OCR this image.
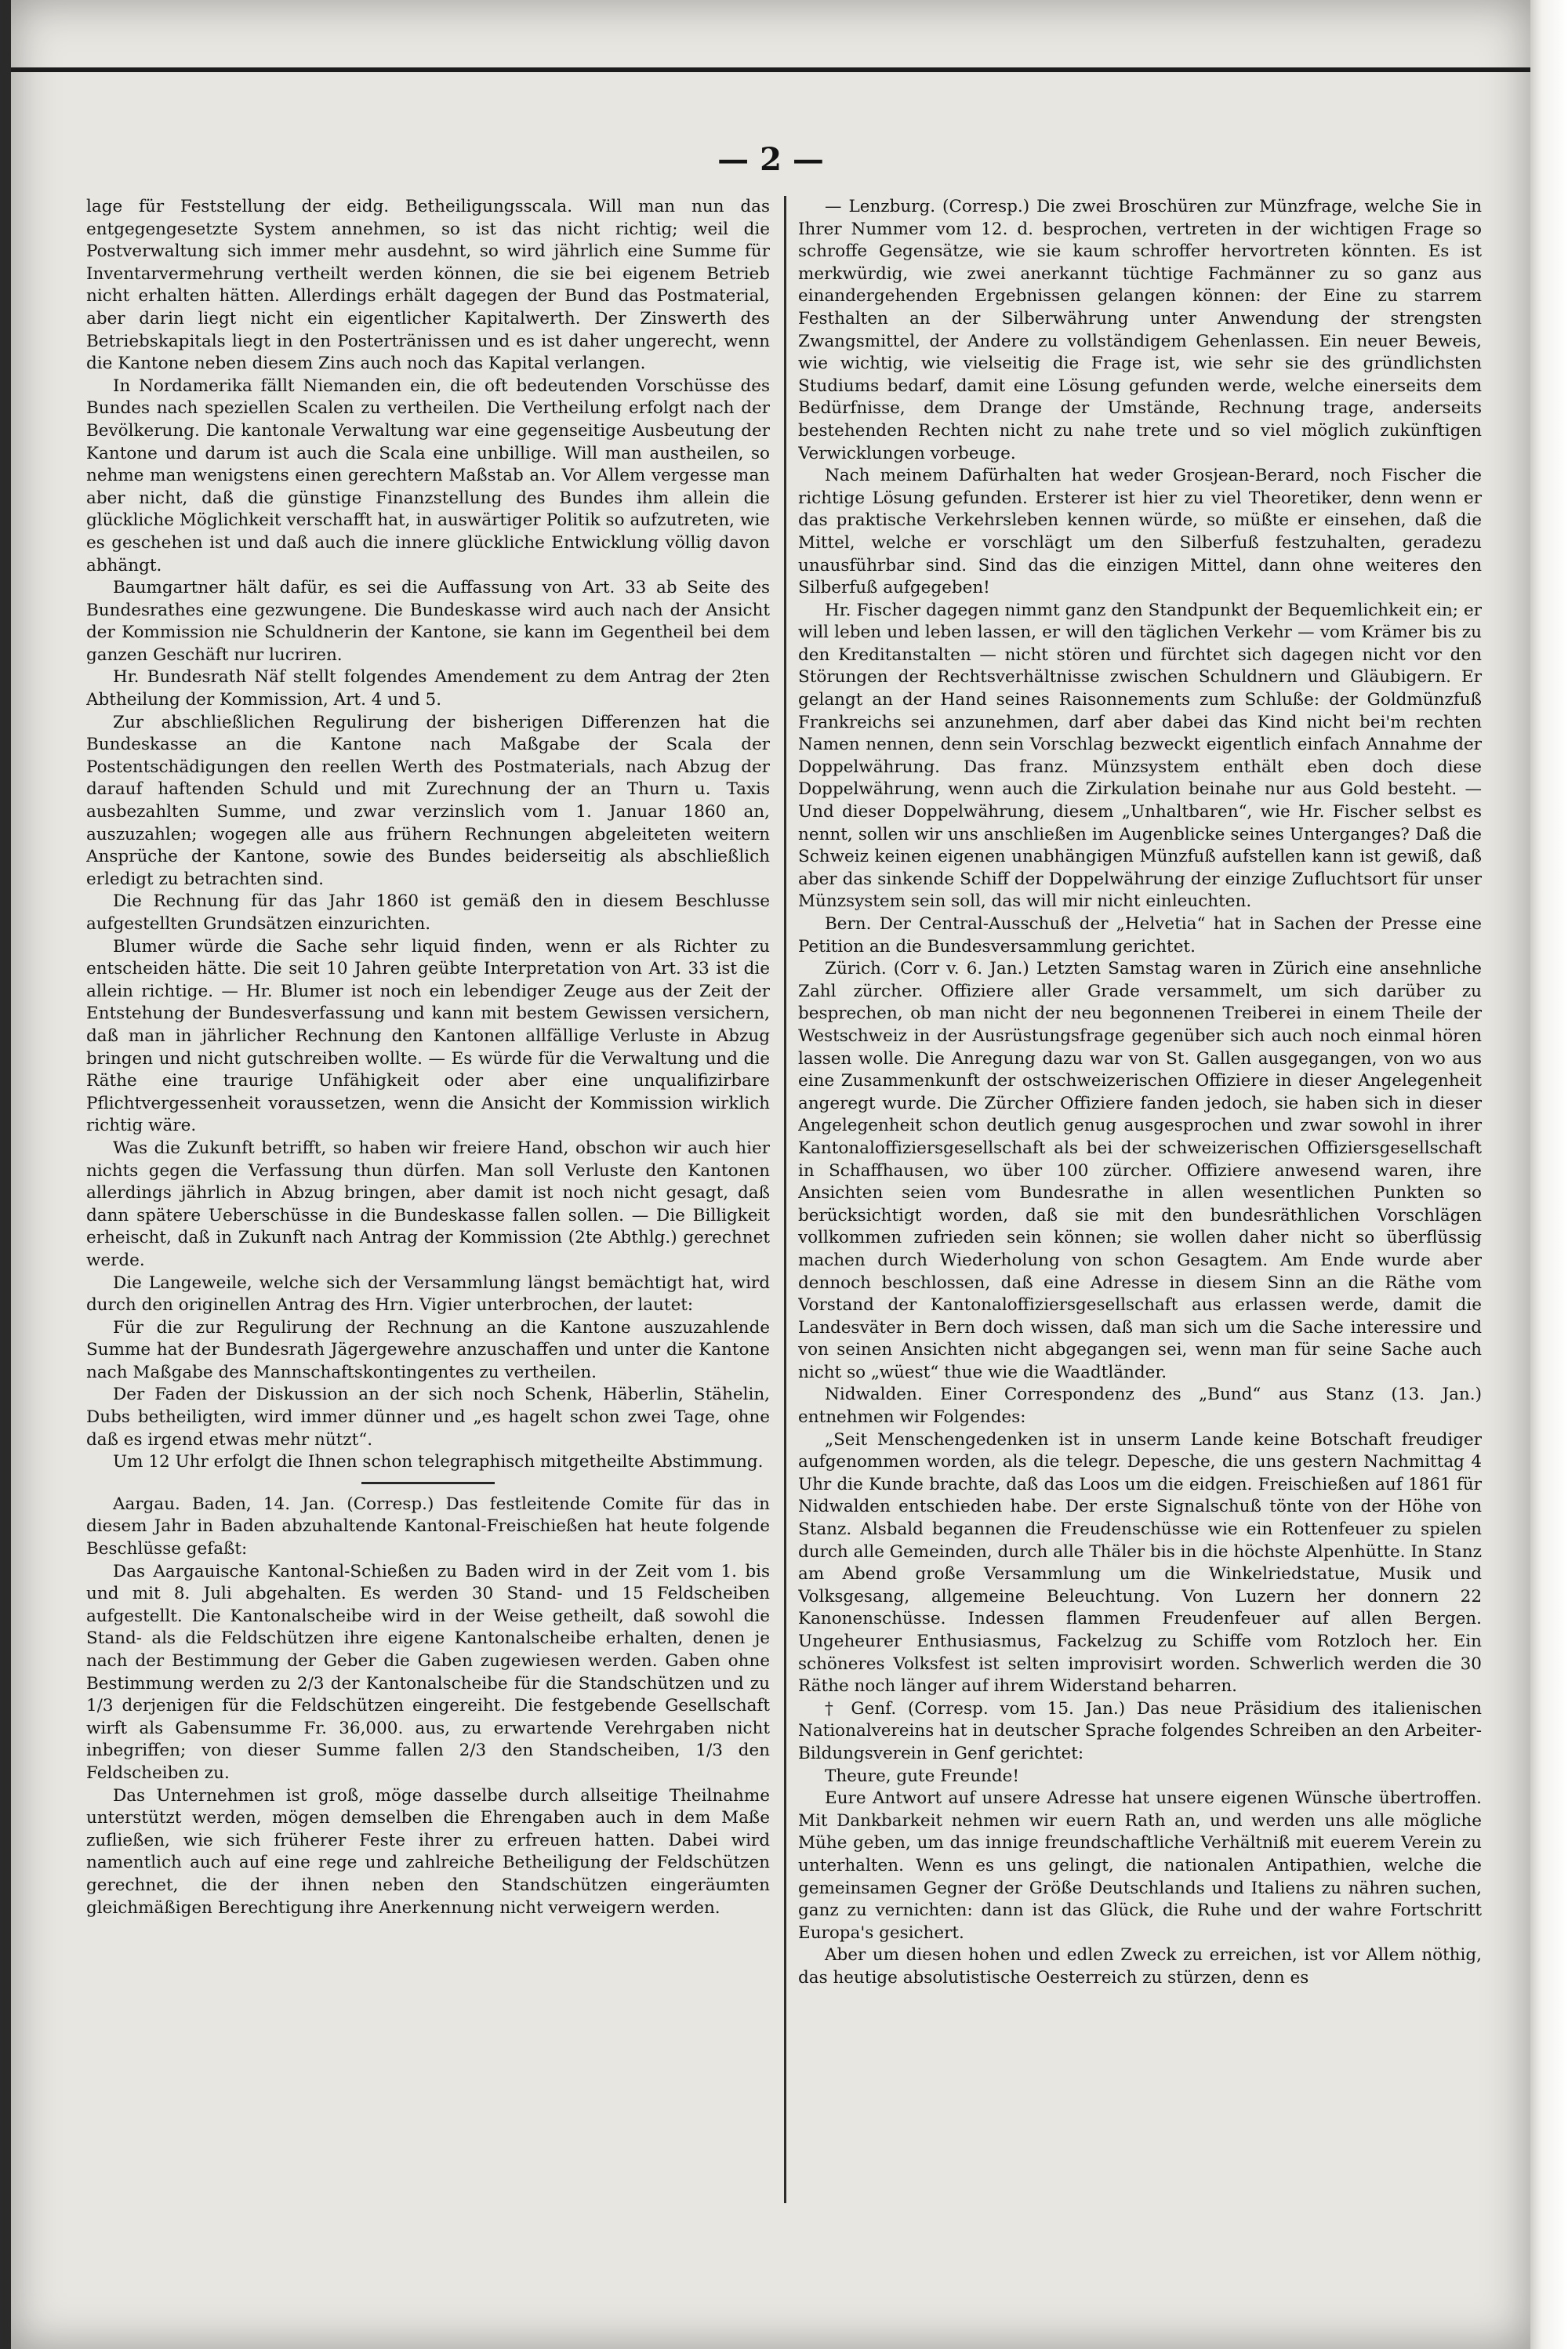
— 2 —

lage für Feststellung der eidg. Betheiligungsscala. Will man nun das entgegengesetzte System annehmen, so ist das nicht richtig; weil die Postverwaltung sich immer mehr ausdehnt, so wird jährlich eine Summe für Inventarvermehrung vertheilt werden können, die sie bei eigenem Betrieb nicht erhalten hätten. Allerdings erhält dagegen der Bund das Postmaterial, aber darin liegt nicht ein eigentlicher Kapitalwerth. Der Zinswerth des Betriebskapitals liegt in den Postertränissen und es ist daher ungerecht, wenn die Kantone neben diesem Zins auch noch das Kapital verlangen.

In Nordamerika fällt Niemanden ein, die oft bedeutenden Vorschüsse des Bundes nach speziellen Scalen zu vertheilen. Die Vertheilung erfolgt nach der Bevölkerung. Die kantonale Verwaltung war eine gegenseitige Ausbeutung der Kantone und darum ist auch die Scala eine unbillige. Will man austheilen, so nehme man wenigstens einen gerechtern Maßstab an. Vor Allem vergesse man aber nicht, daß die günstige Finanzstellung des Bundes ihm allein die glückliche Möglichkeit verschafft hat, in auswärtiger Politik so aufzutreten, wie es geschehen ist und daß auch die innere glückliche Entwicklung völlig davon abhängt.

Baumgartner hält dafür, es sei die Auffassung von Art. 33 ab Seite des Bundesrathes eine gezwungene. Die Bundeskasse wird auch nach der Ansicht der Kommission nie Schuldnerin der Kantone, sie kann im Gegentheil bei dem ganzen Geschäft nur lucriren.

Hr. Bundesrath Näf stellt folgendes Amendement zu dem Antrag der 2ten Abtheilung der Kommission, Art. 4 und 5.

Zur abschließlichen Regulirung der bisherigen Differenzen hat die Bundeskasse an die Kantone nach Maßgabe der Scala der Postentschädigungen den reellen Werth des Postmaterials, nach Abzug der darauf haftenden Schuld und mit Zurechnung der an Thurn u. Taxis ausbezahlten Summe, und zwar verzinslich vom 1. Januar 1860 an, auszuzahlen; wogegen alle aus frühern Rechnungen abgeleiteten weitern Ansprüche der Kantone, sowie des Bundes beiderseitig als abschließlich erledigt zu betrachten sind.

Die Rechnung für das Jahr 1860 ist gemäß den in diesem Beschlusse aufgestellten Grundsätzen einzurichten.

Blumer würde die Sache sehr liquid finden, wenn er als Richter zu entscheiden hätte. Die seit 10 Jahren geübte Interpretation von Art. 33 ist die allein richtige. — Hr. Blumer ist noch ein lebendiger Zeuge aus der Zeit der Entstehung der Bundesverfassung und kann mit bestem Gewissen versichern, daß man in jährlicher Rechnung den Kantonen allfällige Verluste in Abzug bringen und nicht gutschreiben wollte. — Es würde für die Verwaltung und die Räthe eine traurige Unfähigkeit oder aber eine unqualifizirbare Pflichtvergessenheit voraussetzen, wenn die Ansicht der Kommission wirklich richtig wäre.

Was die Zukunft betrifft, so haben wir freiere Hand, obschon wir auch hier nichts gegen die Verfassung thun dürfen. Man soll Verluste den Kantonen allerdings jährlich in Abzug bringen, aber damit ist noch nicht gesagt, daß dann spätere Ueberschüsse in die Bundeskasse fallen sollen. — Die Billigkeit erheischt, daß in Zukunft nach Antrag der Kommission (2te Abthlg.) gerechnet werde.

Die Langeweile, welche sich der Versammlung längst bemächtigt hat, wird durch den originellen Antrag des Hrn. Vigier unterbrochen, der lautet:

Für die zur Regulirung der Rechnung an die Kantone auszuzahlende Summe hat der Bundesrath Jägergewehre anzuschaffen und unter die Kantone nach Maßgabe des Mannschaftskontingentes zu vertheilen.

Der Faden der Diskussion an der sich noch Schenk, Häberlin, Stähelin, Dubs betheiligten, wird immer dünner und „es hagelt schon zwei Tage, ohne daß es irgend etwas mehr nützt“.

Um 12 Uhr erfolgt die Ihnen schon telegraphisch mitgetheilte Abstimmung.

Aargau. Baden, 14. Jan. (Corresp.) Das festleitende Comite für das in diesem Jahr in Baden abzuhaltende Kantonal-Freischießen hat heute folgende Beschlüsse gefaßt:

Das Aargauische Kantonal-Schießen zu Baden wird in der Zeit vom 1. bis und mit 8. Juli abgehalten. Es werden 30 Stand- und 15 Feldscheiben aufgestellt. Die Kantonalscheibe wird in der Weise getheilt, daß sowohl die Stand- als die Feldschützen ihre eigene Kantonalscheibe erhalten, denen je nach der Bestimmung der Geber die Gaben zugewiesen werden. Gaben ohne Bestimmung werden zu 2/3 der Kantonalscheibe für die Standschützen und zu 1/3 derjenigen für die Feldschützen eingereiht. Die festgebende Gesellschaft wirft als Gabensumme Fr. 36,000. aus, zu erwartende Verehrgaben nicht inbegriffen; von dieser Summe fallen 2/3 den Standscheiben, 1/3 den Feldscheiben zu.

Das Unternehmen ist groß, möge dasselbe durch allseitige Theilnahme unterstützt werden, mögen demselben die Ehrengaben auch in dem Maße zufließen, wie sich früherer Feste ihrer zu erfreuen hatten. Dabei wird namentlich auch auf eine rege und zahlreiche Betheiligung der Feldschützen gerechnet, die der ihnen neben den Standschützen eingeräumten gleichmäßigen Berechtigung ihre Anerkennung nicht verweigern werden.

— Lenzburg. (Corresp.) Die zwei Broschüren zur Münzfrage, welche Sie in Ihrer Nummer vom 12. d. besprochen, vertreten in der wichtigen Frage so schroffe Gegensätze, wie sie kaum schroffer hervortreten könnten. Es ist merkwürdig, wie zwei anerkannt tüchtige Fachmänner zu so ganz aus einandergehenden Ergebnissen gelangen können: der Eine zu starrem Festhalten an der Silberwährung unter Anwendung der strengsten Zwangsmittel, der Andere zu vollständigem Gehenlassen. Ein neuer Beweis, wie wichtig, wie vielseitig die Frage ist, wie sehr sie des gründlichsten Studiums bedarf, damit eine Lösung gefunden werde, welche einerseits dem Bedürfnisse, dem Drange der Umstände, Rechnung trage, anderseits bestehenden Rechten nicht zu nahe trete und so viel möglich zukünftigen Verwicklungen vorbeuge.

Nach meinem Dafürhalten hat weder Grosjean-Berard, noch Fischer die richtige Lösung gefunden. Ersterer ist hier zu viel Theoretiker, denn wenn er das praktische Verkehrsleben kennen würde, so müßte er einsehen, daß die Mittel, welche er vorschlägt um den Silberfuß festzuhalten, geradezu unausführbar sind. Sind das die einzigen Mittel, dann ohne weiteres den Silberfuß aufgegeben!

Hr. Fischer dagegen nimmt ganz den Standpunkt der Bequemlichkeit ein; er will leben und leben lassen, er will den täglichen Verkehr — vom Krämer bis zu den Kreditanstalten — nicht stören und fürchtet sich dagegen nicht vor den Störungen der Rechtsverhältnisse zwischen Schuldnern und Gläubigern. Er gelangt an der Hand seines Raisonnements zum Schluße: der Goldmünzfuß Frankreichs sei anzunehmen, darf aber dabei das Kind nicht bei'm rechten Namen nennen, denn sein Vorschlag bezweckt eigentlich einfach Annahme der Doppelwährung. Das franz. Münzsystem enthält eben doch diese Doppelwährung, wenn auch die Zirkulation beinahe nur aus Gold besteht. — Und dieser Doppelwährung, diesem „Unhaltbaren“, wie Hr. Fischer selbst es nennt, sollen wir uns anschließen im Augenblicke seines Unterganges? Daß die Schweiz keinen eigenen unabhängigen Münzfuß aufstellen kann ist gewiß, daß aber das sinkende Schiff der Doppelwährung der einzige Zufluchtsort für unser Münzsystem sein soll, das will mir nicht einleuchten.

Bern. Der Central-Ausschuß der „Helvetia“ hat in Sachen der Presse eine Petition an die Bundesversammlung gerichtet.

Zürich. (Corr v. 6. Jan.) Letzten Samstag waren in Zürich eine ansehnliche Zahl zürcher. Offiziere aller Grade versammelt, um sich darüber zu besprechen, ob man nicht der neu begonnenen Treiberei in einem Theile der Westschweiz in der Ausrüstungsfrage gegenüber sich auch noch einmal hören lassen wolle. Die Anregung dazu war von St. Gallen ausgegangen, von wo aus eine Zusammenkunft der ostschweizerischen Offiziere in dieser Angelegenheit angeregt wurde. Die Zürcher Offiziere fanden jedoch, sie haben sich in dieser Angelegenheit schon deutlich genug ausgesprochen und zwar sowohl in ihrer Kantonaloffiziersgesellschaft als bei der schweizerischen Offiziersgesellschaft in Schaffhausen, wo über 100 zürcher. Offiziere anwesend waren, ihre Ansichten seien vom Bundesrathe in allen wesentlichen Punkten so berücksichtigt worden, daß sie mit den bundesräthlichen Vorschlägen vollkommen zufrieden sein können; sie wollen daher nicht so überflüssig machen durch Wiederholung von schon Gesagtem. Am Ende wurde aber dennoch beschlossen, daß eine Adresse in diesem Sinn an die Räthe vom Vorstand der Kantonaloffiziersgesellschaft aus erlassen werde, damit die Landesväter in Bern doch wissen, daß man sich um die Sache interessire und von seinen Ansichten nicht abgegangen sei, wenn man für seine Sache auch nicht so „wüest“ thue wie die Waadtländer.

Nidwalden. Einer Correspondenz des „Bund“ aus Stanz (13. Jan.) entnehmen wir Folgendes:

„Seit Menschengedenken ist in unserm Lande keine Botschaft freudiger aufgenommen worden, als die telegr. Depesche, die uns gestern Nachmittag 4 Uhr die Kunde brachte, daß das Loos um die eidgen. Freischießen auf 1861 für Nidwalden entschieden habe. Der erste Signalschuß tönte von der Höhe von Stanz. Alsbald begannen die Freudenschüsse wie ein Rottenfeuer zu spielen durch alle Gemeinden, durch alle Thäler bis in die höchste Alpenhütte. In Stanz am Abend große Versammlung um die Winkelriedstatue, Musik und Volksgesang, allgemeine Beleuchtung. Von Luzern her donnern 22 Kanonenschüsse. Indessen flammen Freudenfeuer auf allen Bergen. Ungeheurer Enthusiasmus, Fackelzug zu Schiffe vom Rotzloch her. Ein schöneres Volksfest ist selten improvisirt worden. Schwerlich werden die 30 Räthe noch länger auf ihrem Widerstand beharren.

† Genf. (Corresp. vom 15. Jan.) Das neue Präsidium des italienischen Nationalvereins hat in deutscher Sprache folgendes Schreiben an den Arbeiter-Bildungsverein in Genf gerichtet:

Theure, gute Freunde!

Eure Antwort auf unsere Adresse hat unsere eigenen Wünsche übertroffen. Mit Dankbarkeit nehmen wir euern Rath an, und werden uns alle mögliche Mühe geben, um das innige freundschaftliche Verhältniß mit euerem Verein zu unterhalten. Wenn es uns gelingt, die nationalen Antipathien, welche die gemeinsamen Gegner der Größe Deutschlands und Italiens zu nähren suchen, ganz zu vernichten: dann ist das Glück, die Ruhe und der wahre Fortschritt Europa's gesichert.

Aber um diesen hohen und edlen Zweck zu erreichen, ist vor Allem nöthig, das heutige absolutistische Oesterreich zu stürzen, denn es
